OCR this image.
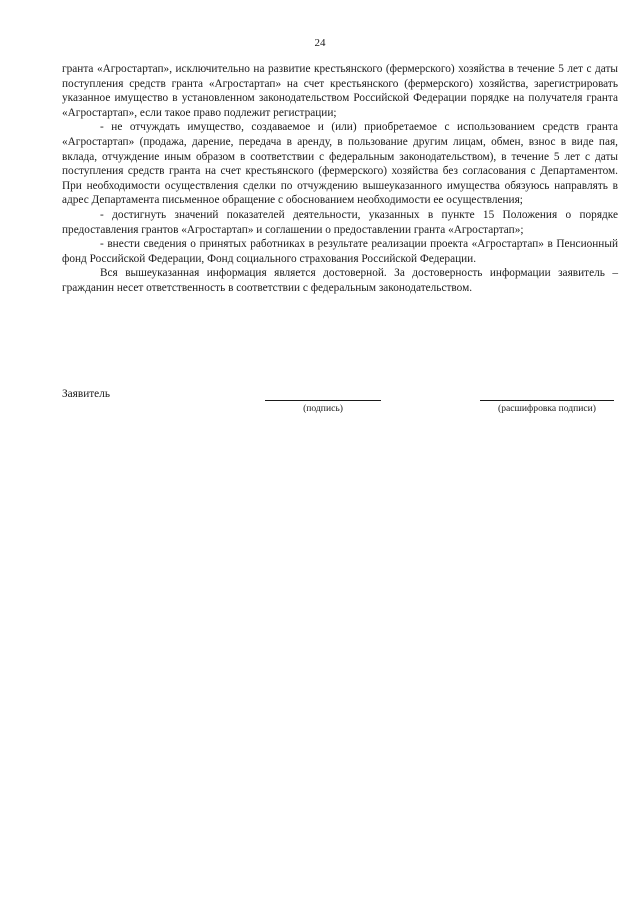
24

гранта «Агростартап», исключительно на развитие крестьянского (фермерского) хозяйства в течение 5 лет с даты поступления средств гранта «Агростартап» на счет крестьянского (фермерского) хозяйства, зарегистрировать указанное имущество в установленном законодательством Российской Федерации порядке на получателя гранта «Агростартап», если такое право подлежит регистрации;

- не отчуждать имущество, создаваемое и (или) приобретаемое с использованием средств гранта «Агростартап» (продажа, дарение, передача в аренду, в пользование другим лицам, обмен, взнос в виде пая, вклада, отчуждение иным образом в соответствии с федеральным законодательством), в течение 5 лет с даты поступления средств гранта на счет крестьянского (фермерского) хозяйства без согласования с Департаментом. При необходимости осуществления сделки по отчуждению вышеуказанного имущества обязуюсь направлять в адрес Департамента письменное обращение с обоснованием необходимости ее осуществления;

- достигнуть значений показателей деятельности, указанных в пункте 15 Положения о порядке предоставления грантов «Агростартап» и соглашении о предоставлении гранта «Агростартап»;

- внести сведения о принятых работниках в результате реализации проекта «Агростартап» в Пенсионный фонд Российской Федерации, Фонд социального страхования Российской Федерации.

Вся вышеуказанная информация является достоверной. За достоверность информации заявитель – гражданин несет ответственность в соответствии с федеральным законодательством.

Заявитель
(подпись)	(расшифровка подписи)
